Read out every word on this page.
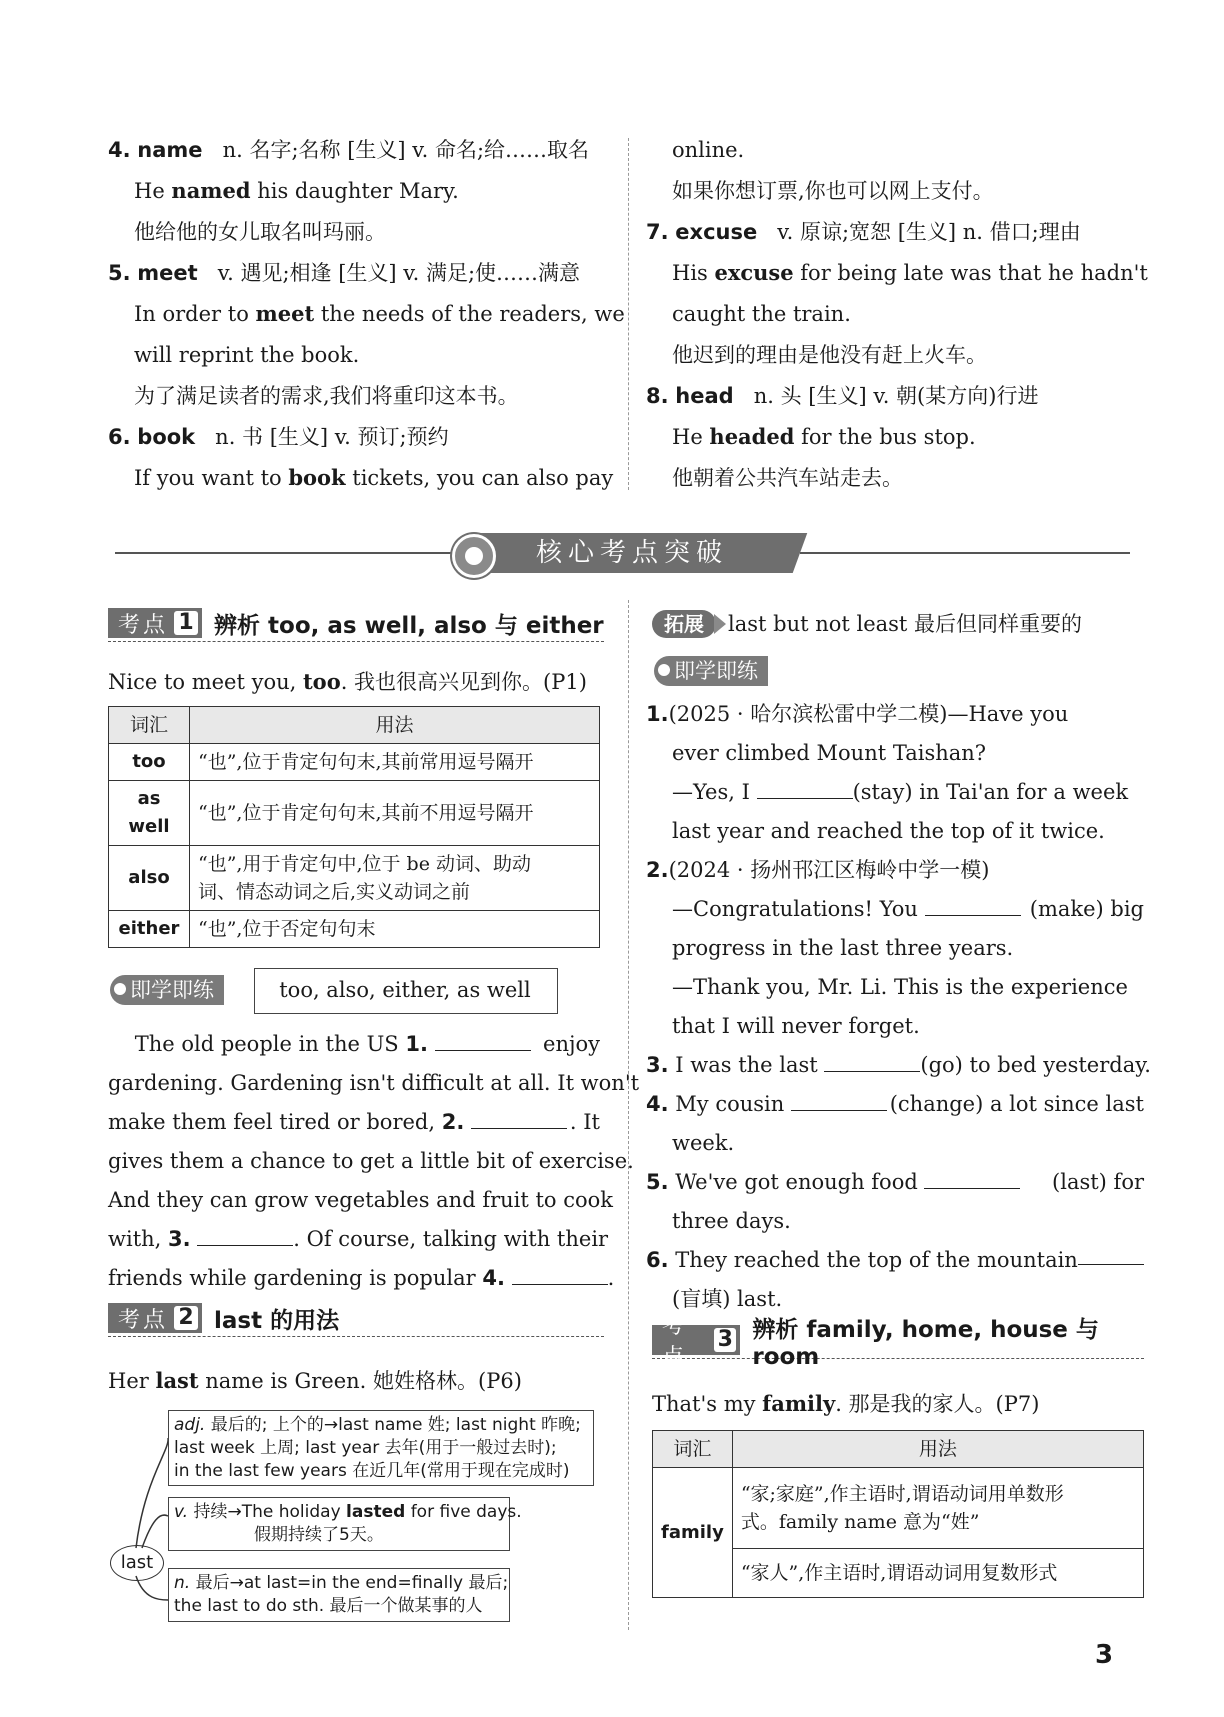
4. name n. 名字;名称 [生义] v. 命名;给……取名
He named his daughter Mary.
他给他的女儿取名叫玛丽。
5. meet v. 遇见;相逢 [生义] v. 满足;使……满意
In order to meet the needs of the readers, we
will reprint the book.
为了满足读者的需求,我们将重印这本书。
6. book n. 书 [生义] v. 预订;预约
If you want to book tickets, you can also pay
online.
如果你想订票,你也可以网上支付。
7. excuse v. 原谅;宽恕 [生义] n. 借口;理由
His excuse for being late was that he hadn't
caught the train.
他迟到的理由是他没有赶上火车。
8. head n. 头 [生义] v. 朝(某方向)行进
He headed for the bus stop.
他朝着公共汽车站走去。
核心考点突破
考点 1 辨析 too, as well, also 与 either
Nice to meet you, too. 我也很高兴见到你。(P1)
词汇	用法
too	“也”,位于肯定句句末,其前常用逗号隔开
as well	“也”,位于肯定句句末,其前不用逗号隔开
also	“也”,用于肯定句中,位于 be 动词、助动
词、情态动词之后,实义动词之前

either	“也”,位于否定句句末
即学即练	too, also, either, as well
The old people in the US 1.	enjoy
gardening. Gardening isn't difficult at all. It won't
make them feel tired or bored, 2.	. It
gives them a chance to get a little bit of exercise.
And they can grow vegetables and fruit to cook
with, 3.	. Of course, talking with their
friends while gardening is popular 4.	.
考点 2 last 的用法
Her last name is Green. 她姓格林。(P6)
last
adj. 最后的; 上个的→last name 姓; last night 昨晚;
last week 上周; last year 去年(用于一般过去时);
in the last few years 在近几年(常用于现在完成时)
v. 持续→The holiday lasted for five days.
假期持续了5天。
n. 最后→at last=in the end=finally 最后;
the last to do sth. 最后一个做某事的人
拓展	last but not least 最后但同样重要的
即学即练
1.(2025 · 哈尔滨松雷中学二模)—Have you
ever climbed Mount Taishan?
—Yes, I	(stay) in Tai'an for a week
last year and reached the top of it twice.
2.(2024 · 扬州邗江区梅岭中学一模)
—Congratulations! You	(make) big
progress in the last three years.
—Thank you, Mr. Li. This is the experience
that I will never forget.
3. I was the last	(go) to bed yesterday.
4. My cousin	(change) a lot since last
week.
5. We've got enough food	(last) for
three days.
6. They reached the top of the mountain
(盲填) last.
考点
3 辨析 family, home, house 与 room
That's my family. 那是我的家人。(P7)
词汇	用法
family	“家;家庭”,作主语时,谓语动词用单数形
式。family name 意为“姓”

	“家人”,作主语时,谓语动词用复数形式
3
